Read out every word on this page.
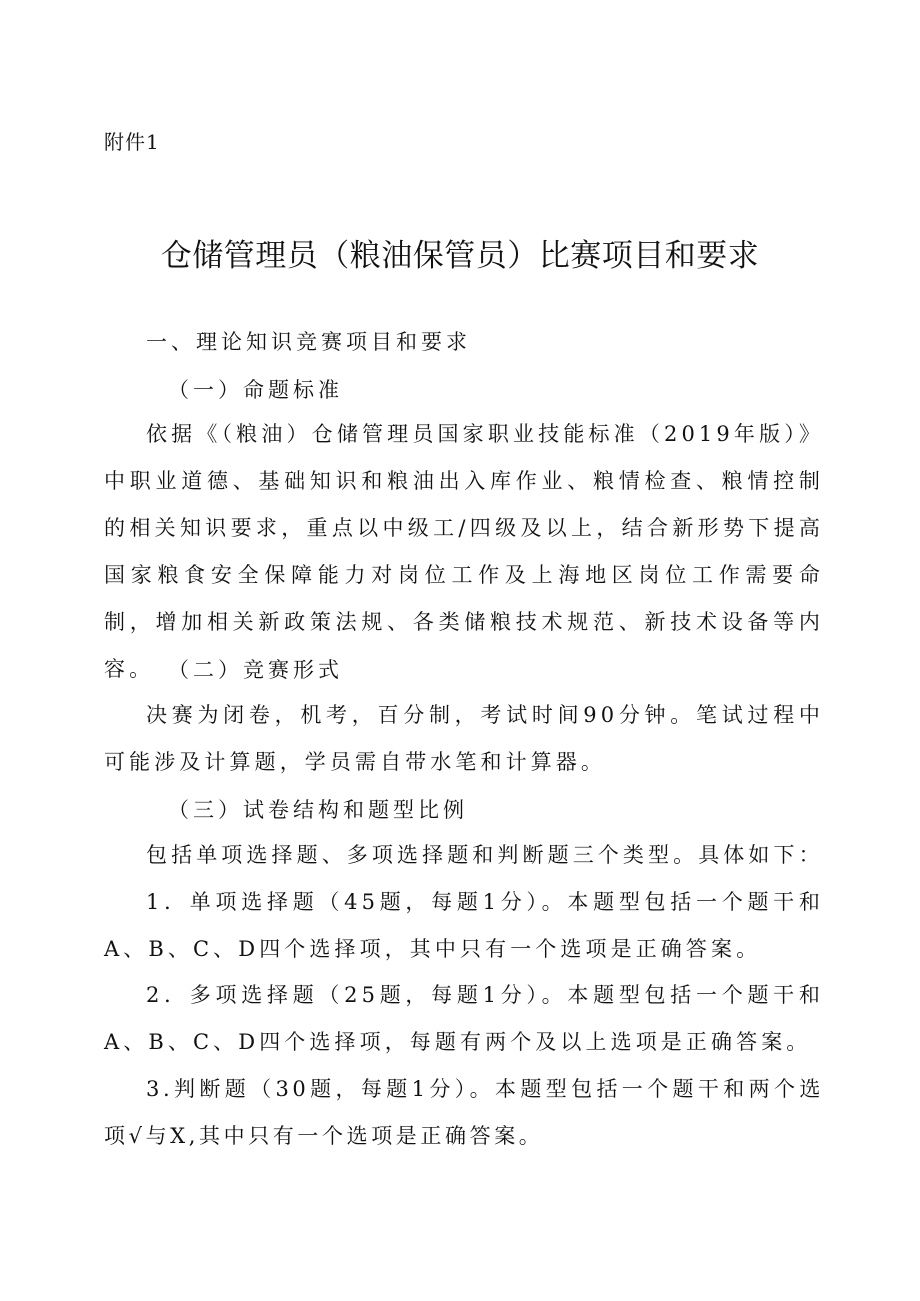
附件1
仓储管理员（粮油保管员）比赛项目和要求
一、理论知识竞赛项目和要求
（一）命题标准

依据《（粮油）仓储管理员国家职业技能标准（2019年版）》中职业道德、基础知识和粮油出入库作业、粮情检查、粮情控制的相关知识要求，重点以中级工/四级及以上，结合新形势下提高国家粮食安全保障能力对岗位工作及上海地区岗位工作需要命制，增加相关新政策法规、各类储粮技术规范、新技术设备等内容。 （二）竞赛形式

决赛为闭卷，机考，百分制，考试时间90分钟。笔试过程中可能涉及计算题，学员需自带水笔和计算器。

（三）试卷结构和题型比例

包括单项选择题、多项选择题和判断题三个类型。具体如下：

1．单项选择题（45题，每题1分）。本题型包括一个题干和A、B、C、D四个选择项，其中只有一个选项是正确答案。

2．多项选择题（25题，每题1分）。本题型包括一个题干和A、B、C、D四个选择项，每题有两个及以上选项是正确答案。

3.判断题（30题，每题1分）。本题型包括一个题干和两个选项√与X,其中只有一个选项是正确答案。
